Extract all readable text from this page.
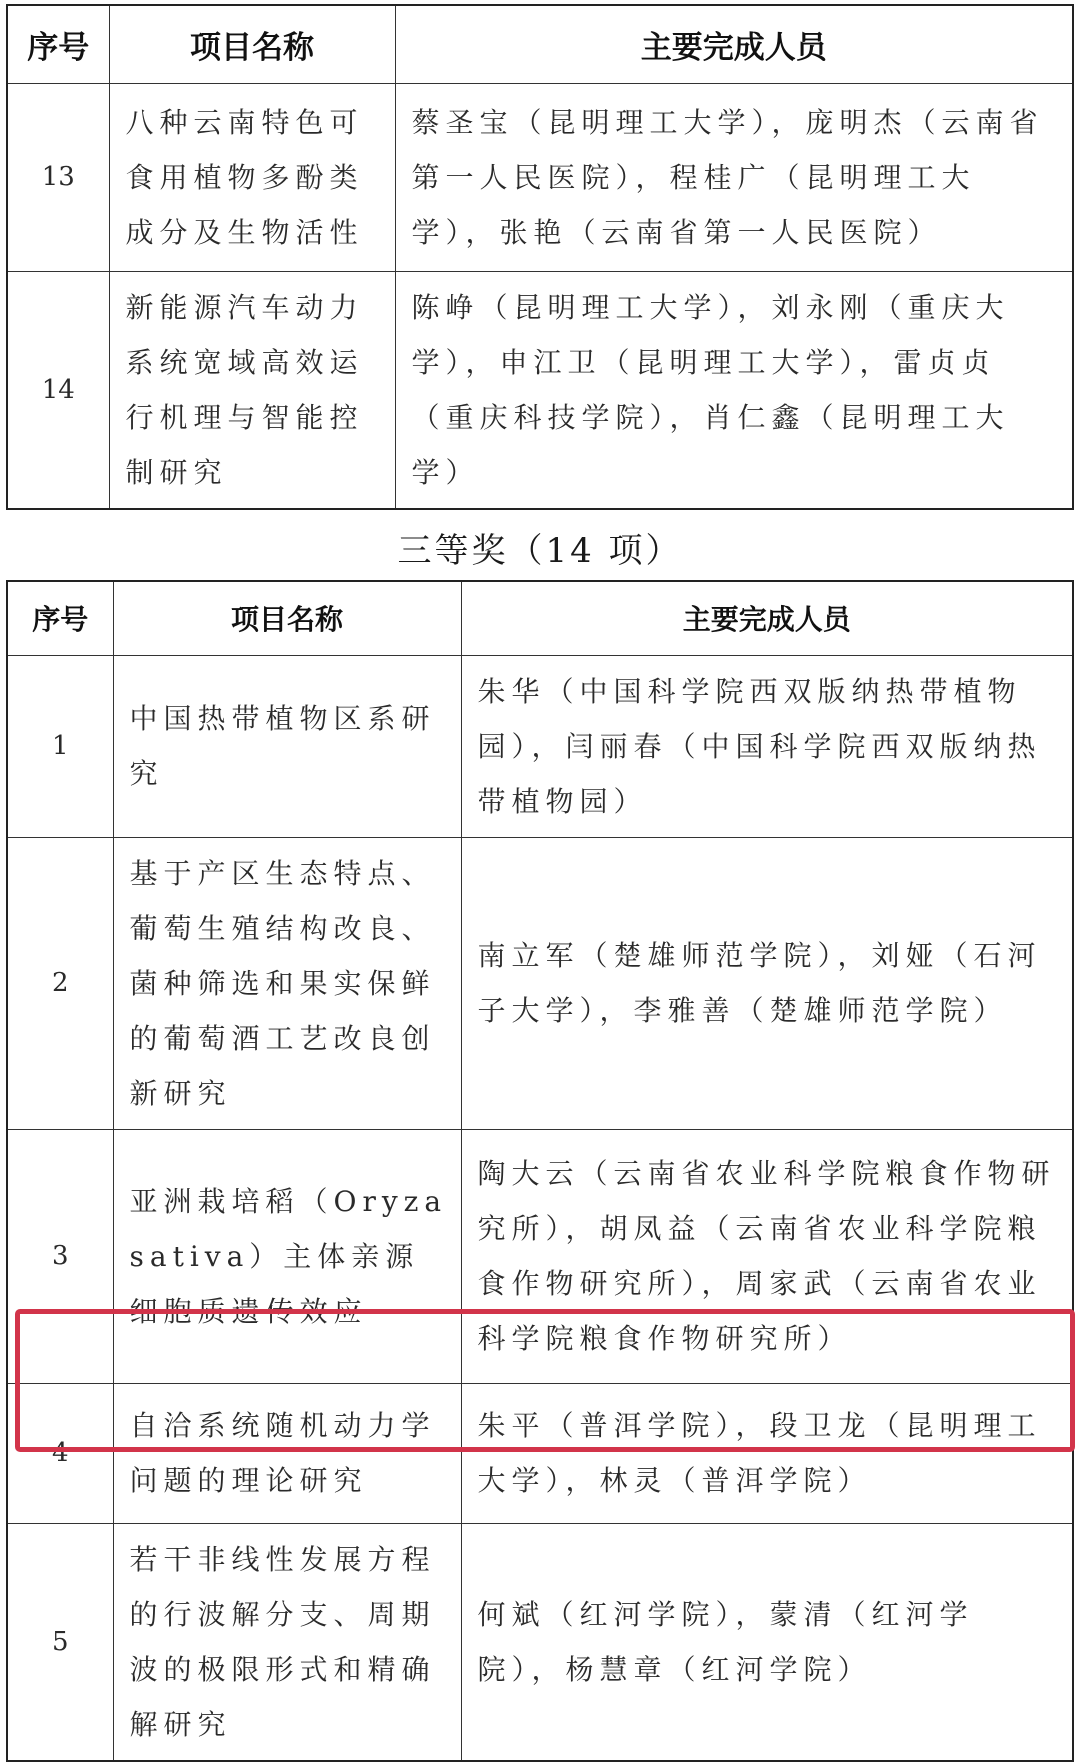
序号	项目名称	主要完成人员
13	八种云南特色可食用植物多酚类成分及生物活性	蔡圣宝（昆明理工大学），庞明杰（云南省第一人民医院），程桂广（昆明理工大学），张艳（云南省第一人民医院）
14	新能源汽车动力系统宽域高效运行机理与智能控制研究	陈峥（昆明理工大学），刘永刚（重庆大学），申江卫（昆明理工大学），雷贞贞（重庆科技学院），肖仁鑫（昆明理工大学）
三等奖（14 项）
序号	项目名称	主要完成人员
1	中国热带植物区系研究	朱华（中国科学院西双版纳热带植物园），闫丽春（中国科学院西双版纳热带植物园）
2	基于产区生态特点、葡萄生殖结构改良、菌种筛选和果实保鲜的葡萄酒工艺改良创新研究	南立军（楚雄师范学院），刘娅（石河子大学），李雅善（楚雄师范学院）
3	亚洲栽培稻（Oryza sativa）主体亲源细胞质遗传效应	陶大云（云南省农业科学院粮食作物研究所），胡凤益（云南省农业科学院粮食作物研究所），周家武（云南省农业科学院粮食作物研究所）
4	自洽系统随机动力学问题的理论研究	朱平（普洱学院），段卫龙（昆明理工大学），林灵（普洱学院）
5	若干非线性发展方程的行波解分支、周期波的极限形式和精确解研究	何斌（红河学院），蒙清（红河学院），杨慧章（红河学院）
